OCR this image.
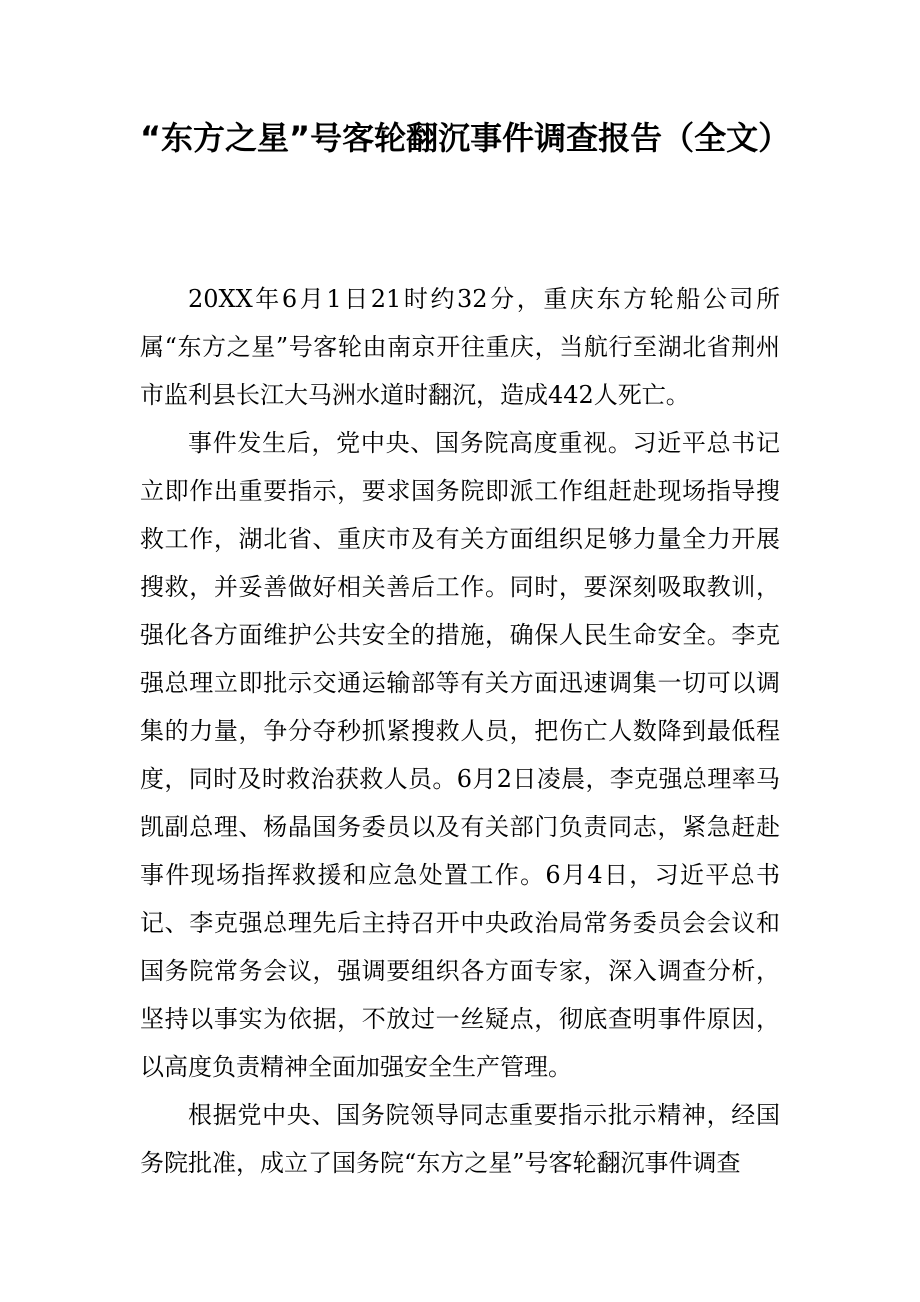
“东方之星”号客轮翻沉事件调查报告（全文）

20XX年6月1日21时约32分，重庆东方轮船公司所属“东方之星”号客轮由南京开往重庆，当航行至湖北省荆州市监利县长江大马洲水道时翻沉，造成442人死亡。

事件发生后，党中央、国务院高度重视。习近平总书记立即作出重要指示，要求国务院即派工作组赶赴现场指导搜救工作，湖北省、重庆市及有关方面组织足够力量全力开展搜救，并妥善做好相关善后工作。同时，要深刻吸取教训，强化各方面维护公共安全的措施，确保人民生命安全。李克强总理立即批示交通运输部等有关方面迅速调集一切可以调集的力量，争分夺秒抓紧搜救人员，把伤亡人数降到最低程度，同时及时救治获救人员。6月2日凌晨，李克强总理率马凯副总理、杨晶国务委员以及有关部门负责同志，紧急赶赴事件现场指挥救援和应急处置工作。6月4日，习近平总书记、李克强总理先后主持召开中央政治局常务委员会会议和国务院常务会议，强调要组织各方面专家，深入调查分析，坚持以事实为依据，不放过一丝疑点，彻底查明事件原因，以高度负责精神全面加强安全生产管理。

根据党中央、国务院领导同志重要指示批示精神，经国务院批准，成立了国务院“东方之星”号客轮翻沉事件调查
